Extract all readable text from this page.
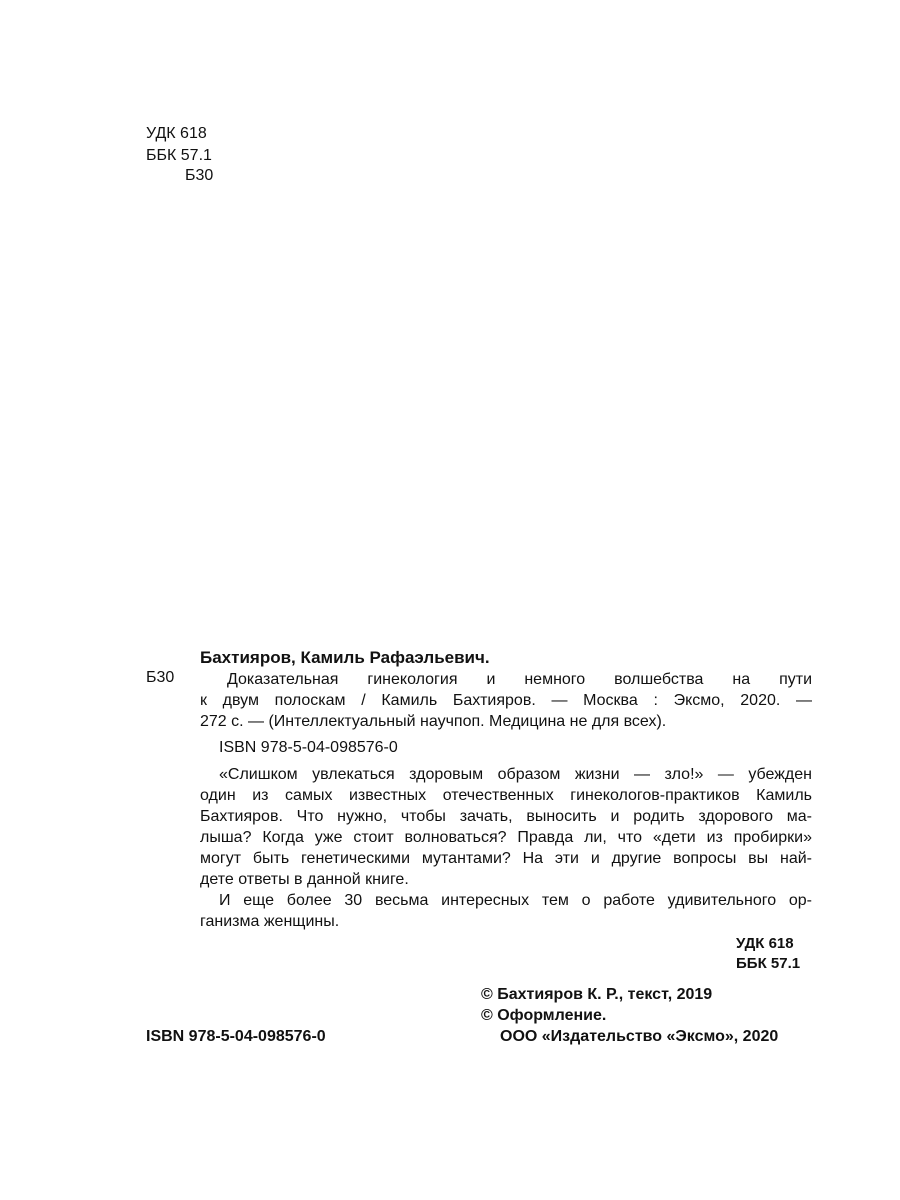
УДК 618
ББК 57.1
Б30
Бахтияров, Камиль Рафаэльевич.
Б30	Доказательная гинекология и немного волшебства на пути
к двум полоскам / Камиль Бахтияров. — Москва : Эксмо, 2020. —
272 с. — (Интеллектуальный научпоп. Медицина не для всех).
ISBN 978-5-04-098576-0
«Слишком увлекаться здоровым образом жизни — зло!» — убежден
один из самых известных отечественных гинекологов-практиков Камиль
Бахтияров. Что нужно, чтобы зачать, выносить и родить здорового ма-
лыша? Когда уже стоит волноваться? Правда ли, что «дети из пробирки»
могут быть генетическими мутантами? На эти и другие вопросы вы най-
дете ответы в данной книге.
И еще более 30 весьма интересных тем о работе удивительного ор-
ганизма женщины.
УДК 618
ББК 57.1
© Бахтияров К. Р., текст, 2019
© Оформление.
ООО «Издательство «Эксмо», 2020
ISBN 978-5-04-098576-0
